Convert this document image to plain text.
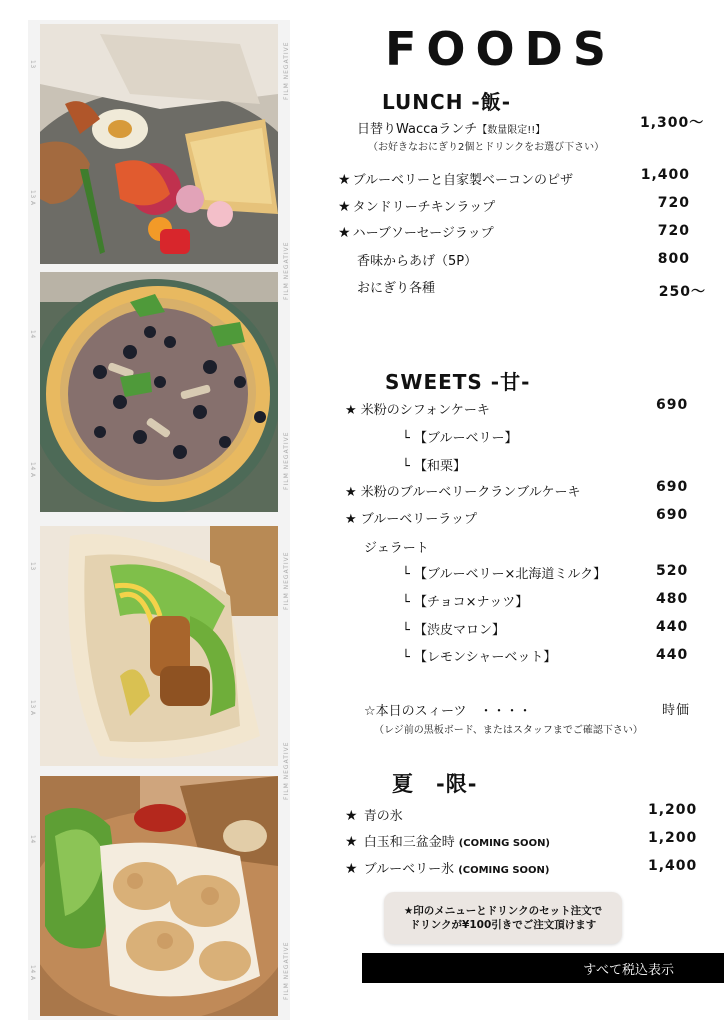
13
13 A
14
14 A
13
13 A
14
14 A
FILM NEGATIVE
FILM NEGATIVE
FILM NEGATIVE
FILM NEGATIVE
FILM NEGATIVE
FILM NEGATIVE
FOODS
LUNCH -飯-
日替りWaccaランチ【数量限定!!】	1,300〜
（お好きなおにぎり2個とドリンクをお選び下さい）
★ ブルーベリーと自家製ベーコンのピザ	1,400
★ タンドリーチキンラップ	720
★ ハーブソーセージラップ	720
香味からあげ（5P）	800
おにぎり各種	250〜
SWEETS -甘-
★ 米粉のシフォンケーキ	690
└ 【ブルーベリー】
└ 【和栗】
★ 米粉のブルーベリークランブルケーキ	690
★ ブルーベリーラップ	690
ジェラート
└ 【ブルーベリー×北海道ミルク】	520
└ 【チョコ×ナッツ】	480
└ 【渋皮マロン】	440
└ 【レモンシャーベット】	440
☆本日のスィーツ　・・・・	時価
（レジ前の黒板ボード、またはスタッフまでご確認下さい）
夏　-限-
★ 青の氷	1,200
★ 白玉和三盆金時 (COMING SOON)	1,200
★ ブルーベリー氷 (COMING SOON)	1,400
★印のメニューとドリンクのセット注文で
ドリンクが¥100引きでご注文頂けます
すべて税込表示
